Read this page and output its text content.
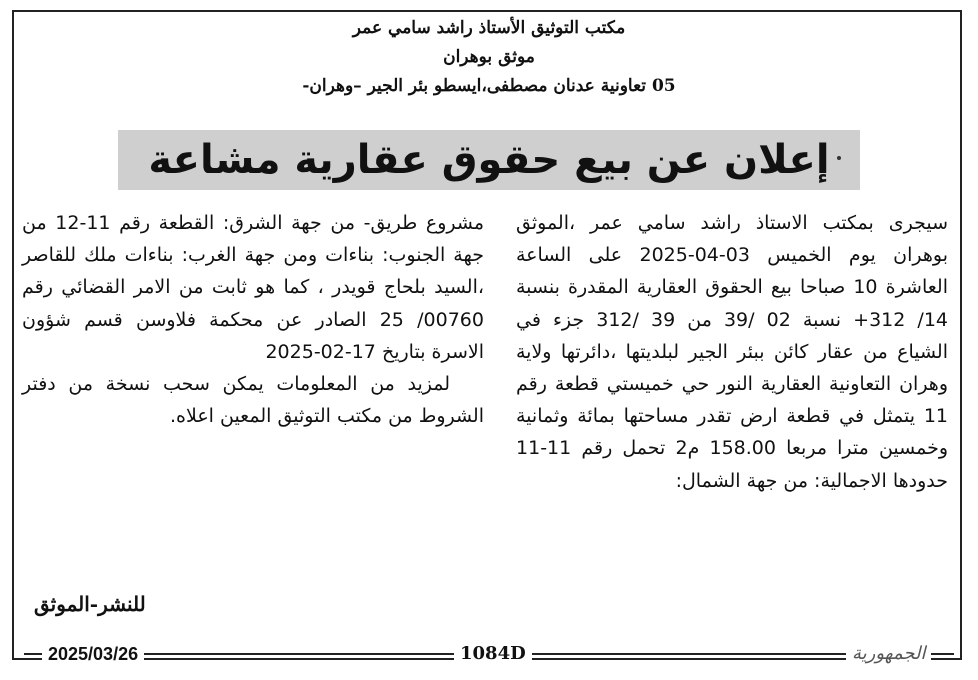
مكتب التوثيق الأستاذ راشد سامي عمر
موثق بوهران
05 تعاونية عدنان مصطفى،ايسطو بئر الجير –وهران-
إعلان عن بيع حقوق عقارية مشاعة

سيجرى بمكتب الاستاذ راشد سامي عمر ،الموثق بوهران يوم الخميس 03-04-2025 على الساعة العاشرة 10 صباحا بيع الحقوق العقارية المقدرة بنسبة 14/ 312+ نسبة 02 /39 من 39 /312 جزء في الشياع من عقار كائن ببئر الجير لبلديتها ،دائرتها ولاية وهران التعاونية العقارية النور حي خميستي قطعة رقم 11 يتمثل في قطعة ارض تقدر مساحتها بمائة وثمانية وخمسين مترا مربعا 158.00 م2 تحمل رقم 11-11 حدودها الاجمالية: من جهة الشمال:

مشروع طريق- من جهة الشرق: القطعة رقم 11-12 من جهة الجنوب: بناءات ومن جهة الغرب: بناءات ملك للقاصر ،السيد بلحاج قويدر ، كما هو ثابت من الامر القضائي رقم 00760/ 25 الصادر عن محكمة فلاوسن قسم شؤون الاسرة بتاريخ 17-02-2025

لمزيد من المعلومات يمكن سحب نسخة من دفتر الشروط من مكتب التوثيق المعين اعلاه.

للنشر-الموثق
2025/03/26	1084D	الجمهورية
